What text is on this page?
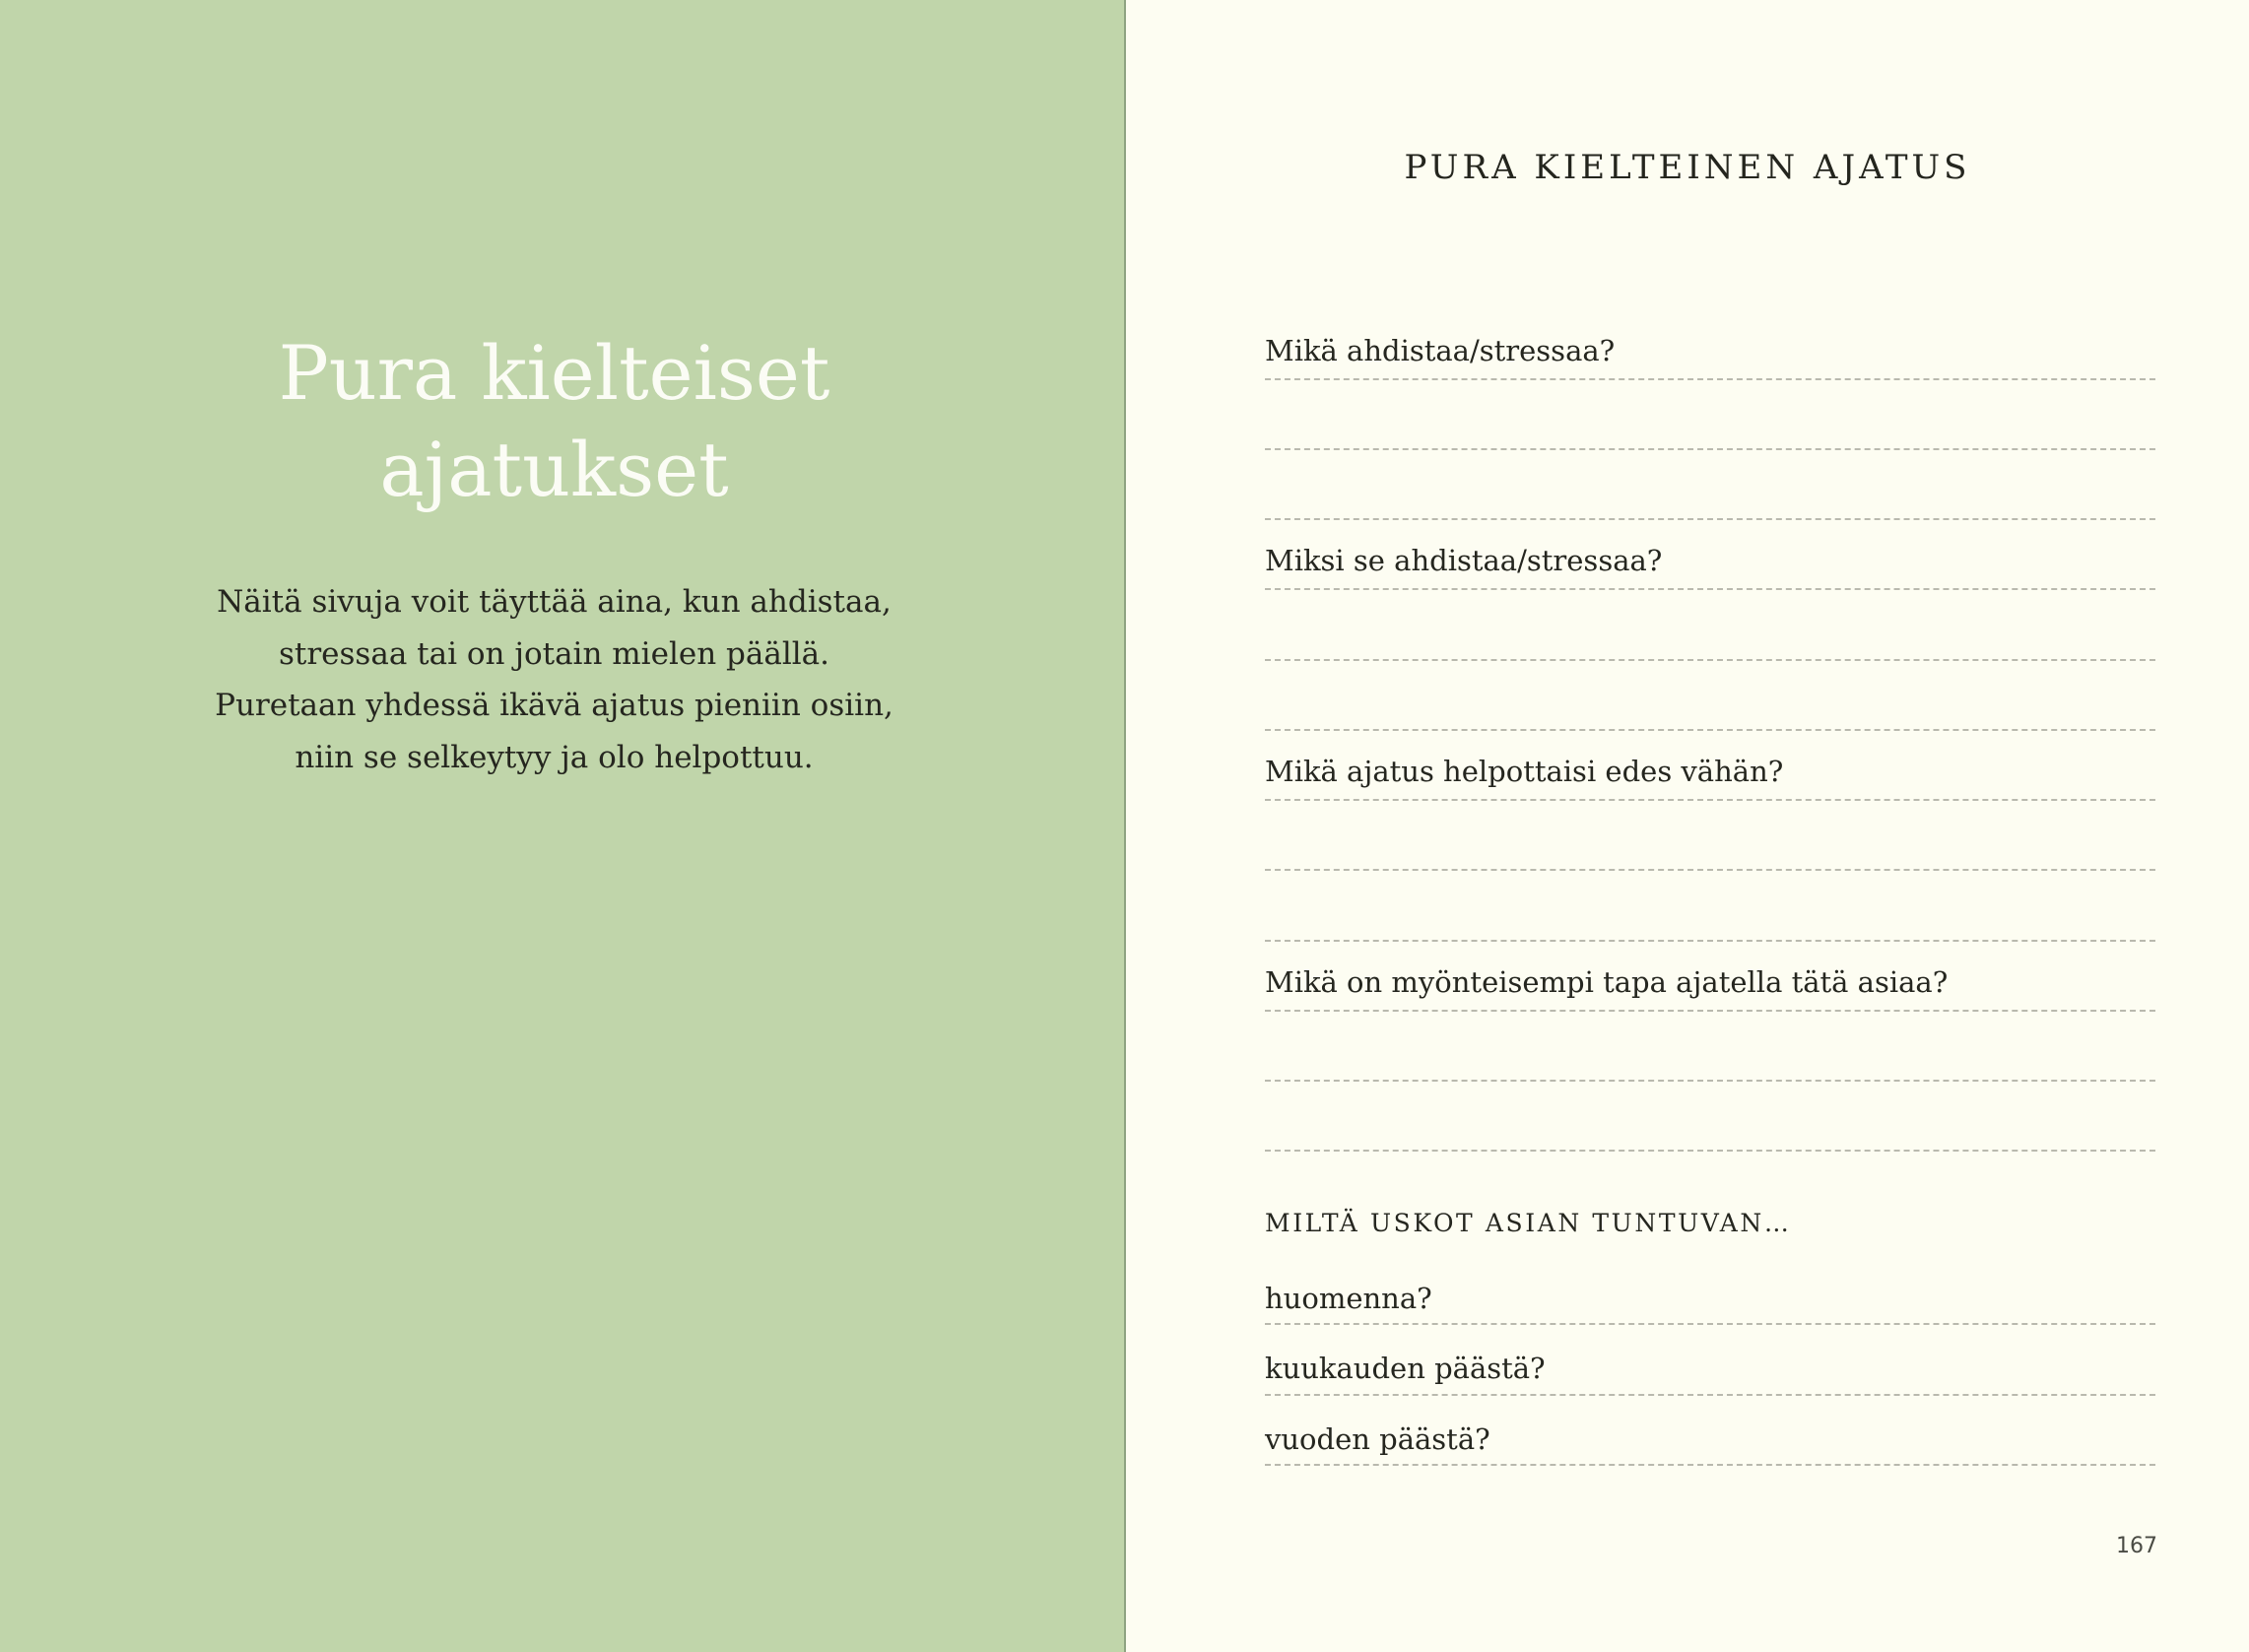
Pura kielteiset
ajatukset
Näitä sivuja voit täyttää aina, kun ahdistaa,
stressaa tai on jotain mielen päällä.
Puretaan yhdessä ikävä ajatus pieniin osiin,
niin se selkeytyy ja olo helpottuu.
PURA KIELTEINEN AJATUS
Mikä ahdistaa/stressaa?
Miksi se ahdistaa/stressaa?
Mikä ajatus helpottaisi edes vähän?
Mikä on myönteisempi tapa ajatella tätä asiaa?
MILTÄ USKOT ASIAN TUNTUVAN…
huomenna?
kuukauden päästä?
vuoden päästä?
167
